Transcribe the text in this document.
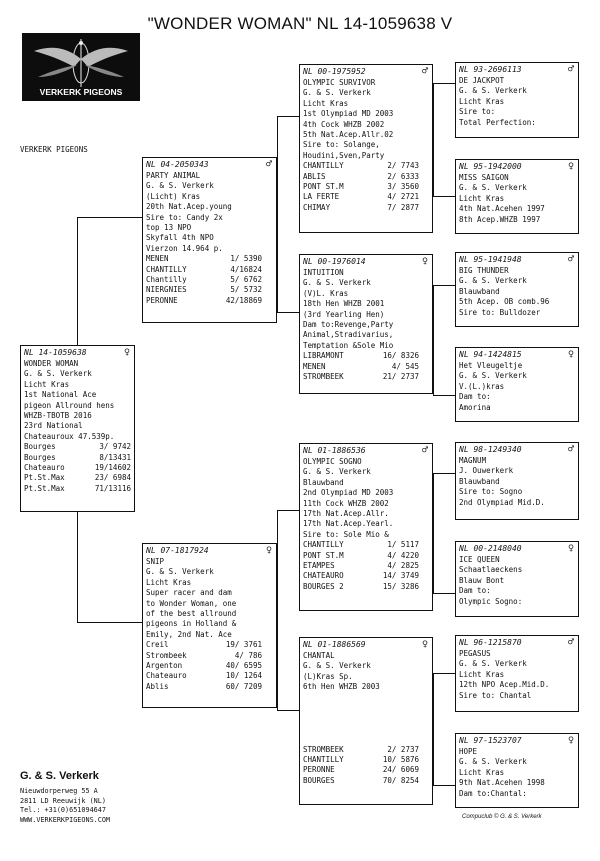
"WONDER WOMAN" NL 14-1059638 V
VERKERK PIGEONS
VERKERK PIGEONS
NL 14-1059638	♀
WONDER WOMAN
G. & S. Verkerk
Licht Kras
1st National Ace
pigeon Allround hens
WHZB-TBOTB 2016
23rd National
Chateauroux 47.539p.
Bourges	3/ 9742
Bourges	8/13431
Chateauro	19/14602
Pt.St.Max	23/ 6984
Pt.St.Max	71/13116
NL 04-2050343	♂
PARTY ANIMAL
G. & S. Verkerk
(Licht) Kras
20th Nat.Acep.young
Sire to: Candy 2x
top 13 NPO
Skyfall 4th NPO
Vierzon 14.964 p.
MENEN	1/ 5390
CHANTILLY	4/16824
Chantilly	5/ 6762
NIERGNIES	5/ 5732
PERONNE	42/18869
NL 07-1817924	♀
SNIP
G. & S. Verkerk
Licht Kras
Super racer and dam
to Wonder Woman, one
of the best allround
pigeons in Holland &
Emily, 2nd Nat. Ace
Creil	19/ 3761
Strombeek	4/ 786
Argenton	40/ 6595
Chateauro	10/ 1264
Ablis	60/ 7209
NL 00-1975952	♂
OLYMPIC SURVIVOR
G. & S. Verkerk
Licht Kras
1st Olympiad MD 2003
4th Cock WHZB 2002
5th Nat.Acep.Allr.02
Sire to: Solange,
Houdini,Sven,Party
CHANTILLY	2/ 7743
ABLIS	2/ 6333
PONT ST.M	3/ 3560
LA FERTE	4/ 2721
CHIMAY	7/ 2877
NL 00-1976014	♀
INTUITION
G. & S. Verkerk
(V)L. Kras
18th Hen WHZB 2001
(3rd Yearling Hen)
Dam to:Revenge,Party
Animal,Stradivarius,
Temptation &Sole Mio
LIBRAMONT	16/ 8326
MENEN	4/ 545
STROMBEEK	21/ 2737
NL 01-1886536	♂
OLYMPIC SOGNO
G. & S. Verkerk
Blauwband
2nd Olympiad MD 2003
11th Cock WHZB 2002
17th Nat.Acep.Allr.
17th Nat.Acep.Yearl.
Sire to: Sole Mio &
CHANTILLY	1/ 5117
PONT ST.M	4/ 4220
ETAMPES	4/ 2825
CHATEAURO	14/ 3749
BOURGES 2	15/ 3286
NL 01-1886569	♀
CHANTAL
G. & S. Verkerk
(L)Kras Sp.
6th Hen WHZB 2003
STROMBEEK	2/ 2737
CHANTILLY	10/ 5876
PERONNE	24/ 6069
BOURGES	70/ 8254
NL 93-2696113	♂
DE JACKPOT
G. & S. Verkerk
Licht Kras
Sire to:
Total Perfection:
NL 95-1942000	♀
MISS SAIGON
G. & S. Verkerk
Licht Kras
4th Nat.Acehen 1997
8th Acep.WHZB 1997
NL 95-1941948	♂
BIG THUNDER
G. & S. Verkerk
Blauwband
5th Acep. OB comb.96
Sire to: Bulldozer
NL 94-1424815	♀
Het Vleugeltje
G. & S. Verkerk
V.(L.)kras
Dam to:
Amorina
NL 98-1249340	♂
MAGNUM
J. Ouwerkerk
Blauwband
Sire to: Sogno
2nd Olympiad Mid.D.
NL 00-2148040	♀
ICE QUEEN
Schaatlaeckens
Blauw Bont
Dam to:
Olympic Sogno:
NL 96-1215870	♂
PEGASUS
G. & S. Verkerk
Licht Kras
12th NPO Acep.Mid.D.
Sire to: Chantal
NL 97-1523707	♀
HOPE
G. & S. Verkerk
Licht Kras
9th Nat.Acehen 1998
Dam to:Chantal:
G. & S. Verkerk
Nieuwdorperweg 55 A
2811 LD Reeuwijk (NL)
Tel.: +31(0)651094647
WWW.VERKERKPIGEONS.COM	Compuclub © G. & S. Verkerk
